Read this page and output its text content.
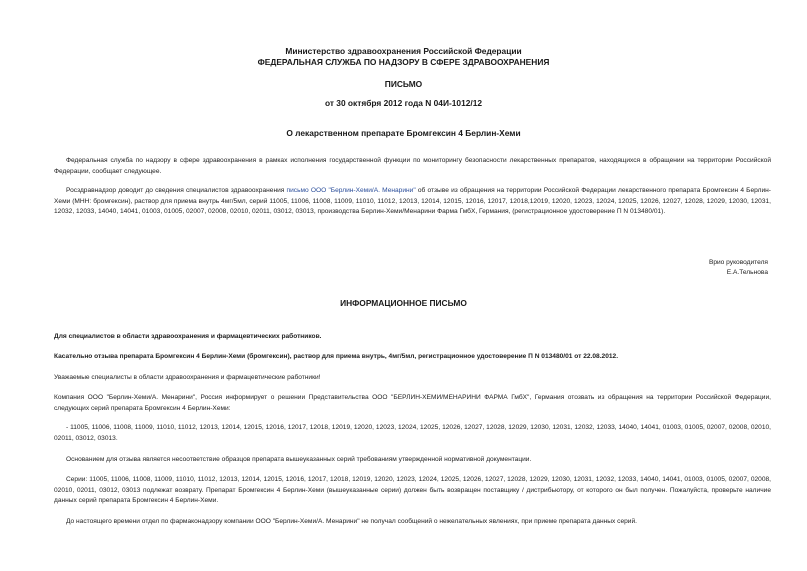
Министерство здравоохранения Российской Федерации
ФЕДЕРАЛЬНАЯ СЛУЖБА ПО НАДЗОРУ В СФЕРЕ ЗДРАВООХРАНЕНИЯ
ПИСЬМО
от 30 октября 2012 года N 04И-1012/12
О лекарственном препарате Бромгексин 4 Берлин-Хеми
Федеральная служба по надзору в сфере здравоохранения в рамках исполнения государственной функции по мониторингу безопасности лекарственных препаратов, находящихся в обращении на территории Российской Федерации, сообщает следующее.
Росздравнадзор доводит до сведения специалистов здравоохранения письмо ООО "Берлин-Хеми/А. Менарини" об отзыве из обращения на территории Российской Федерации лекарственного препарата Бромгексин 4 Берлин-Хеми (МНН: бромгексин), раствор для приема внутрь 4мг/5мл, серий 11005, 11006, 11008, 11009, 11010, 11012, 12013, 12014, 12015, 12016, 12017, 12018,12019, 12020, 12023, 12024, 12025, 12026, 12027, 12028, 12029, 12030, 12031, 12032, 12033, 14040, 14041, 01003, 01005, 02007, 02008, 02010, 02011, 03012, 03013, производства Берлин-Хеми/Менарини Фарма ГмбХ, Германия, (регистрационное удостоверение П N 013480/01).
Врио руководителя
Е.А.Тельнова
ИНФОРМАЦИОННОЕ ПИСЬМО
Для специалистов в области здравоохранения и фармацевтических работников.
Касательно отзыва препарата Бромгексин 4 Берлин-Хеми (бромгексин), раствор для приема внутрь, 4мг/5мл, регистрационное удостоверение П N 013480/01 от 22.08.2012.
Уважаемые специалисты в области здравоохранения и фармацевтические работники!
Компания ООО "Берлин-Хеми/А. Менарини", Россия информирует о решении Представительства ООО "БЕРЛИН-ХЕМИ/МЕНАРИНИ ФАРМА ГмбХ", Германия отозвать из обращения на территории Российской Федерации, следующих серий препарата Бромгексин 4 Берлин-Хеми:
- 11005, 11006, 11008, 11009, 11010, 11012, 12013, 12014, 12015, 12016, 12017, 12018, 12019, 12020, 12023, 12024, 12025, 12026, 12027, 12028, 12029, 12030, 12031, 12032, 12033, 14040, 14041, 01003, 01005, 02007, 02008, 02010, 02011, 03012, 03013.
Основанием для отзыва является несоответствие образцов препарата вышеуказанных серий требованиям утвержденной нормативной документации.
Серии: 11005, 11006, 11008, 11009, 11010, 11012, 12013, 12014, 12015, 12016, 12017, 12018, 12019, 12020, 12023, 12024, 12025, 12026, 12027, 12028, 12029, 12030, 12031, 12032, 12033, 14040, 14041, 01003, 01005, 02007, 02008, 02010, 02011, 03012, 03013 подлежат возврату. Препарат Бромгексин 4 Берлин-Хеми (вышеуказанные серии) должен быть возвращен поставщику / дистрибьютору, от которого он был получен. Пожалуйста, проверьте наличие данных серий препарата Бромгексин 4 Берлин-Хеми.
До настоящего времени отдел по фармаконадзору компании ООО "Берлин-Хеми/А. Менарини" не получал сообщений о нежелательных явлениях, при приеме препарата данных серий.
